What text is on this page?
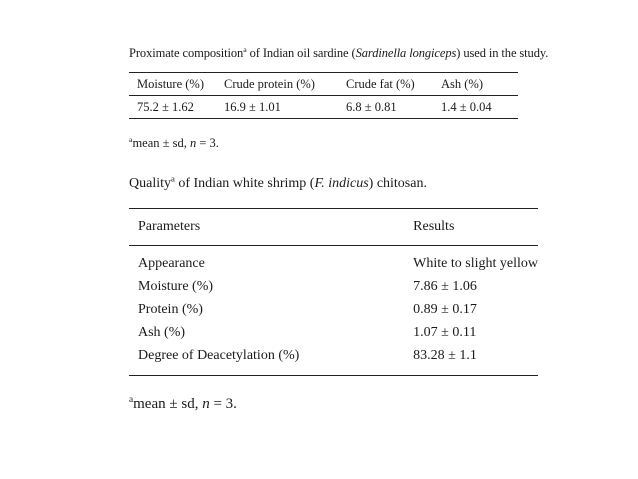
Proximate composition$^a$ of Indian oil sardine (Sardinella longiceps) used in the study.
Moisture (%)	Crude protein (%)	Crude fat (%)	Ash (%)
75.2 ± 1.62	16.9 ± 1.01	6.8 ± 0.81	1.4 ± 0.04
$^a$mean ± sd, n = 3.
Quality$^a$ of Indian white shrimp (F. indicus) chitosan.
Parameters	Results
Appearance	White to slight yellow
Moisture (%)	7.86 ± 1.06
Protein (%)	0.89 ± 0.17
Ash (%)	1.07 ± 0.11
Degree of Deacetylation (%)	83.28 ± 1.1
$^a$mean ± sd, n = 3.
